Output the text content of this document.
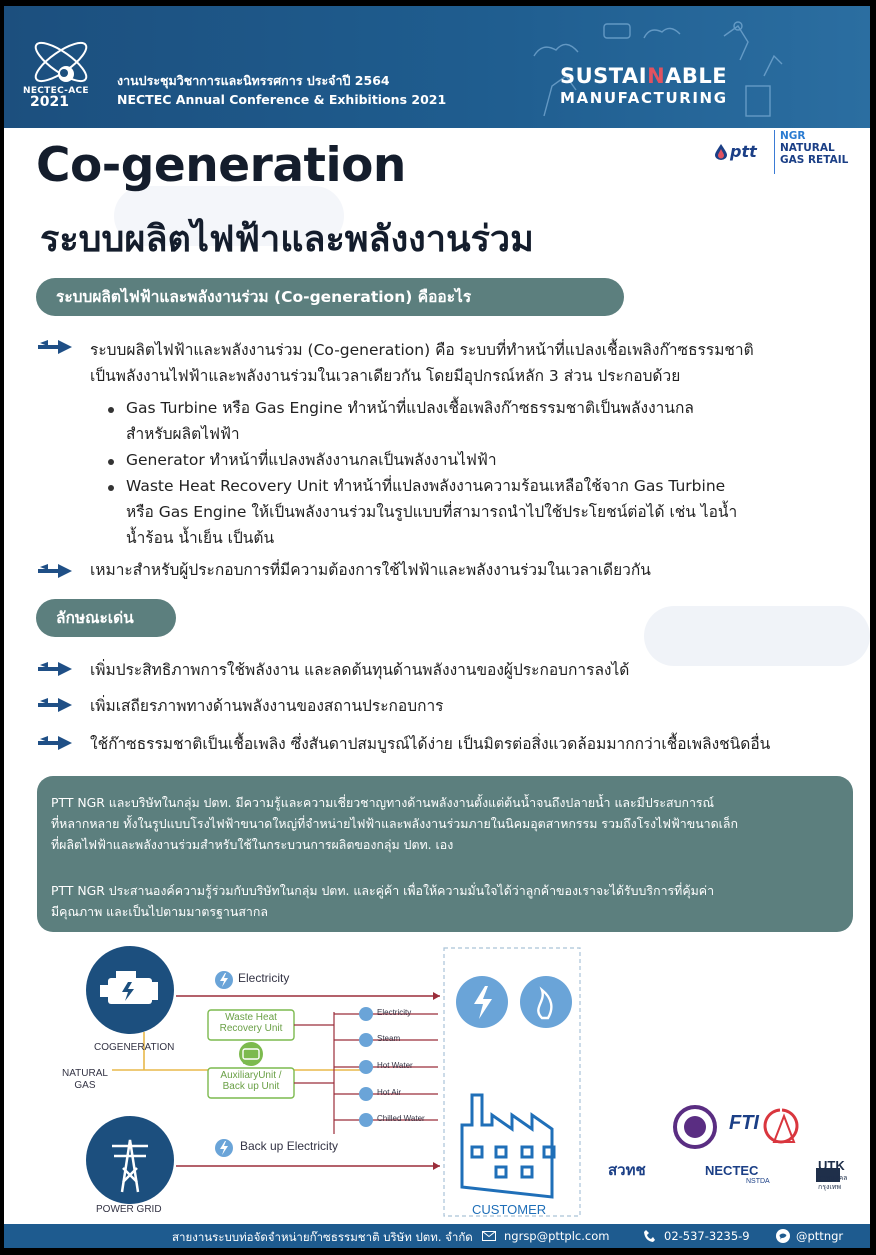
NECTEC-ACE
2021
งานประชุมวิชาการและนิทรรศการ ประจำปี 2564
NECTEC Annual Conference & Exhibitions 2021
SUSTAINABLE
MANUFACTURING
ptt
NGR
NATURAL
GAS RETAIL
Co-generation
ระบบผลิตไฟฟ้าและพลังงานร่วม
ระบบผลิตไฟฟ้าและพลังงานร่วม (Co-generation) คืออะไร
ระบบผลิตไฟฟ้าและพลังงานร่วม (Co-generation) คือ ระบบที่ทำหน้าที่แปลงเชื้อเพลิงก๊าซธรรมชาติ
เป็นพลังงานไฟฟ้าและพลังงานร่วมในเวลาเดียวกัน โดยมีอุปกรณ์หลัก 3 ส่วน ประกอบด้วย
Gas Turbine หรือ Gas Engine ทำหน้าที่แปลงเชื้อเพลิงก๊าซธรรมชาติเป็นพลังงานกล
สำหรับผลิตไฟฟ้า
Generator ทำหน้าที่แปลงพลังงานกลเป็นพลังงานไฟฟ้า
Waste Heat Recovery Unit ทำหน้าที่แปลงพลังงานความร้อนเหลือใช้จาก Gas Turbine
หรือ Gas Engine ให้เป็นพลังงานร่วมในรูปแบบที่สามารถนำไปใช้ประโยชน์ต่อได้ เช่น ไอน้ำ
น้ำร้อน น้ำเย็น เป็นต้น
เหมาะสำหรับผู้ประกอบการที่มีความต้องการใช้ไฟฟ้าและพลังงานร่วมในเวลาเดียวกัน
ลักษณะเด่น
เพิ่มประสิทธิภาพการใช้พลังงาน และลดต้นทุนด้านพลังงานของผู้ประกอบการลงได้
เพิ่มเสถียรภาพทางด้านพลังงานของสถานประกอบการ
ใช้ก๊าซธรรมชาติเป็นเชื้อเพลิง ซึ่งสันดาปสมบูรณ์ได้ง่าย เป็นมิตรต่อสิ่งแวดล้อมมากกว่าเชื้อเพลิงชนิดอื่น
PTT NGR และบริษัทในกลุ่ม ปตท. มีความรู้และความเชี่ยวชาญทางด้านพลังงานตั้งแต่ต้นน้ำจนถึงปลายน้ำ และมีประสบการณ์
ที่หลากหลาย ทั้งในรูปแบบโรงไฟฟ้าขนาดใหญ่ที่จำหน่ายไฟฟ้าและพลังงานร่วมภายในนิคมอุตสาหกรรม รวมถึงโรงไฟฟ้าขนาดเล็ก
ที่ผลิตไฟฟ้าและพลังงานร่วมสำหรับใช้ในกระบวนการผลิตของกลุ่ม ปตท. เอง
PTT NGR ประสานองค์ความรู้ร่วมกับบริษัทในกลุ่ม ปตท. และคู่ค้า เพื่อให้ความมั่นใจได้ว่าลูกค้าของเราจะได้รับบริการที่คุ้มค่า
มีคุณภาพ และเป็นไปตามมาตรฐานสากล
COGENERATION
NATURAL
GAS
POWER GRID
Electricity
Back up Electricity
Waste Heat
Recovery Unit
AuxiliaryUnit /
Back up Unit
Electricity
Steam
Hot Water
Hot Air
Chilled Water
CUSTOMER
FTI
NECTEC
NSTDA
สวทช	UTK
ราชมงคล
กรุงเทพ
สายงานระบบท่อจัดจำหน่ายก๊าซธรรมชาติ บริษัท ปตท. จำกัด	ngrsp@pttplc.com	02-537-3235-9	@pttngr
